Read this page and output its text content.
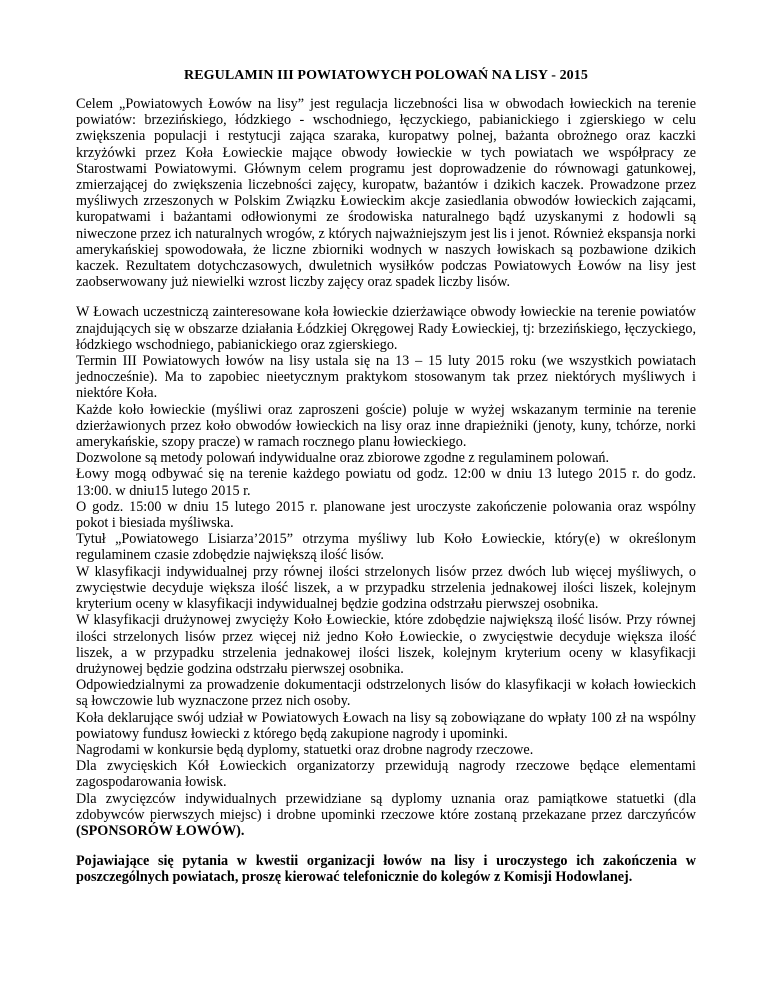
REGULAMIN III POWIATOWYCH POLOWAŃ NA LISY - 2015

Celem „Powiatowych Łowów na lisy” jest regulacja liczebności lisa w obwodach łowieckich na terenie powiatów: brzezińskiego, łódzkiego - wschodniego, łęczyckiego, pabianickiego i zgierskiego w celu zwiększenia populacji i restytucji zająca szaraka, kuropatwy polnej, bażanta obrożnego oraz kaczki krzyżówki przez Koła Łowieckie mające obwody łowieckie w tych powiatach we współpracy ze Starostwami Powiatowymi. Głównym celem programu jest doprowadzenie do równowagi gatunkowej, zmierzającej do zwiększenia liczebności zajęcy, kuropatw, bażantów i dzikich kaczek. Prowadzone przez myśliwych zrzeszonych w Polskim Związku Łowieckim akcje zasiedlania obwodów łowieckich zającami, kuropatwami i bażantami odłowionymi ze środowiska naturalnego bądź uzyskanymi z hodowli są niweczone przez ich naturalnych wrogów, z których najważniejszym jest lis i jenot. Również ekspansja norki amerykańskiej spowodowała, że liczne zbiorniki wodnych w naszych łowiskach są pozbawione dzikich kaczek. Rezultatem dotychczasowych, dwuletnich wysiłków podczas Powiatowych Łowów na lisy jest zaobserwowany już niewielki wzrost liczby zajęcy oraz spadek liczby lisów.

W Łowach uczestniczą zainteresowane koła łowieckie dzierżawiące obwody łowieckie na terenie powiatów znajdujących się w obszarze działania Łódzkiej Okręgowej Rady Łowieckiej, tj: brzezińskiego, łęczyckiego, łódzkiego wschodniego, pabianickiego oraz zgierskiego.

Termin III Powiatowych łowów na lisy ustala się na 13 – 15 luty 2015 roku (we wszystkich powiatach jednocześnie). Ma to zapobiec nieetycznym praktykom stosowanym tak przez niektórych myśliwych i niektóre Koła.

Każde koło łowieckie (myśliwi oraz zaproszeni goście) poluje w wyżej wskazanym terminie na terenie dzierżawionych przez koło obwodów łowieckich na lisy oraz inne drapieżniki (jenoty, kuny, tchórze, norki amerykańskie, szopy pracze) w ramach rocznego planu łowieckiego.

Dozwolone są metody polowań indywidualne oraz zbiorowe zgodne z regulaminem polowań.

Łowy mogą odbywać się na terenie każdego powiatu od godz. 12:00 w dniu 13 lutego 2015 r. do godz. 13:00. w dniu15 lutego 2015 r.

O godz. 15:00 w dniu 15 lutego 2015 r. planowane jest uroczyste zakończenie polowania oraz wspólny pokot i biesiada myśliwska.

Tytuł „Powiatowego Lisiarza’2015” otrzyma myśliwy lub Koło Łowieckie, który(e) w określonym regulaminem czasie zdobędzie największą ilość lisów.

W klasyfikacji indywidualnej przy równej ilości strzelonych lisów przez dwóch lub więcej myśliwych, o zwycięstwie decyduje większa ilość liszek, a w przypadku strzelenia jednakowej ilości liszek, kolejnym kryterium oceny w klasyfikacji indywidualnej będzie godzina odstrzału pierwszej osobnika.

W klasyfikacji drużynowej zwycięży Koło Łowieckie, które zdobędzie największą ilość lisów. Przy równej ilości strzelonych lisów przez więcej niż jedno Koło Łowieckie, o zwycięstwie decyduje większa ilość liszek, a w przypadku strzelenia jednakowej ilości liszek, kolejnym kryterium oceny w klasyfikacji drużynowej będzie godzina odstrzału pierwszej osobnika.

Odpowiedzialnymi za prowadzenie dokumentacji odstrzelonych lisów do klasyfikacji w kołach łowieckich są łowczowie lub wyznaczone przez nich osoby.

Koła deklarujące swój udział w Powiatowych Łowach na lisy są zobowiązane do wpłaty 100 zł na wspólny powiatowy fundusz łowiecki z którego będą zakupione nagrody i upominki.

Nagrodami w konkursie będą dyplomy, statuetki oraz drobne nagrody rzeczowe.

Dla zwycięskich Kół Łowieckich organizatorzy przewidują nagrody rzeczowe będące elementami zagospodarowania łowisk.

Dla zwycięzców indywidualnych przewidziane są dyplomy uznania oraz pamiątkowe statuetki (dla zdobywców pierwszych miejsc) i drobne upominki rzeczowe które zostaną przekazane przez darczyńców (SPONSORÓW ŁOWÓW).

Pojawiające się pytania w kwestii organizacji łowów na lisy i uroczystego ich zakończenia w poszczególnych powiatach, proszę kierować telefonicznie do kolegów z Komisji Hodowlanej.
